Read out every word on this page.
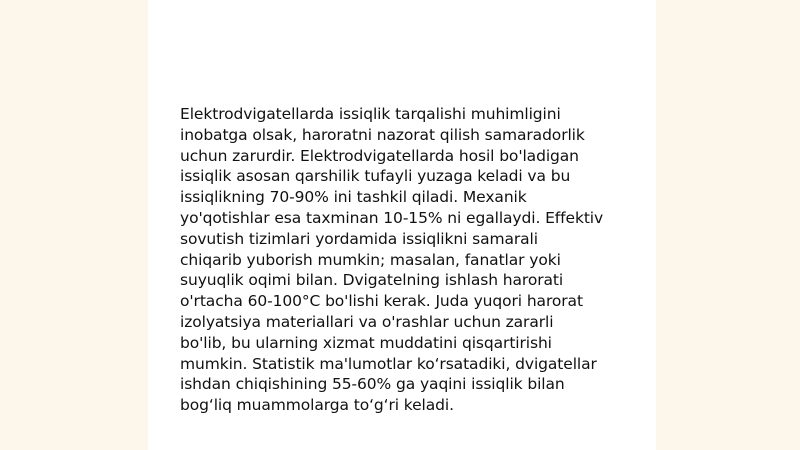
Elektrodvigatellarda issiqlik tarqalishi muhimligini
inobatga olsak, haroratni nazorat qilish samaradorlik
uchun zarurdir. Elektrodvigatellarda hosil bo'ladigan
issiqlik asosan qarshilik tufayli yuzaga keladi va bu
issiqlikning 70-90% ini tashkil qiladi. Mexanik
yo'qotishlar esa taxminan 10-15% ni egallaydi. Effektiv
sovutish tizimlari yordamida issiqlikni samarali
chiqarib yuborish mumkin; masalan, fanatlar yoki
suyuqlik oqimi bilan. Dvigatelning ishlash harorati
o'rtacha 60-100°C bo'lishi kerak. Juda yuqori harorat
izolyatsiya materiallari va o'rashlar uchun zararli
bo'lib, bu ularning xizmat muddatini qisqartirishi
mumkin. Statistik ma'lumotlar ko‘rsatadiki, dvigatellar
ishdan chiqishining 55-60% ga yaqini issiqlik bilan
bog‘liq muammolarga to‘g‘ri keladi.
